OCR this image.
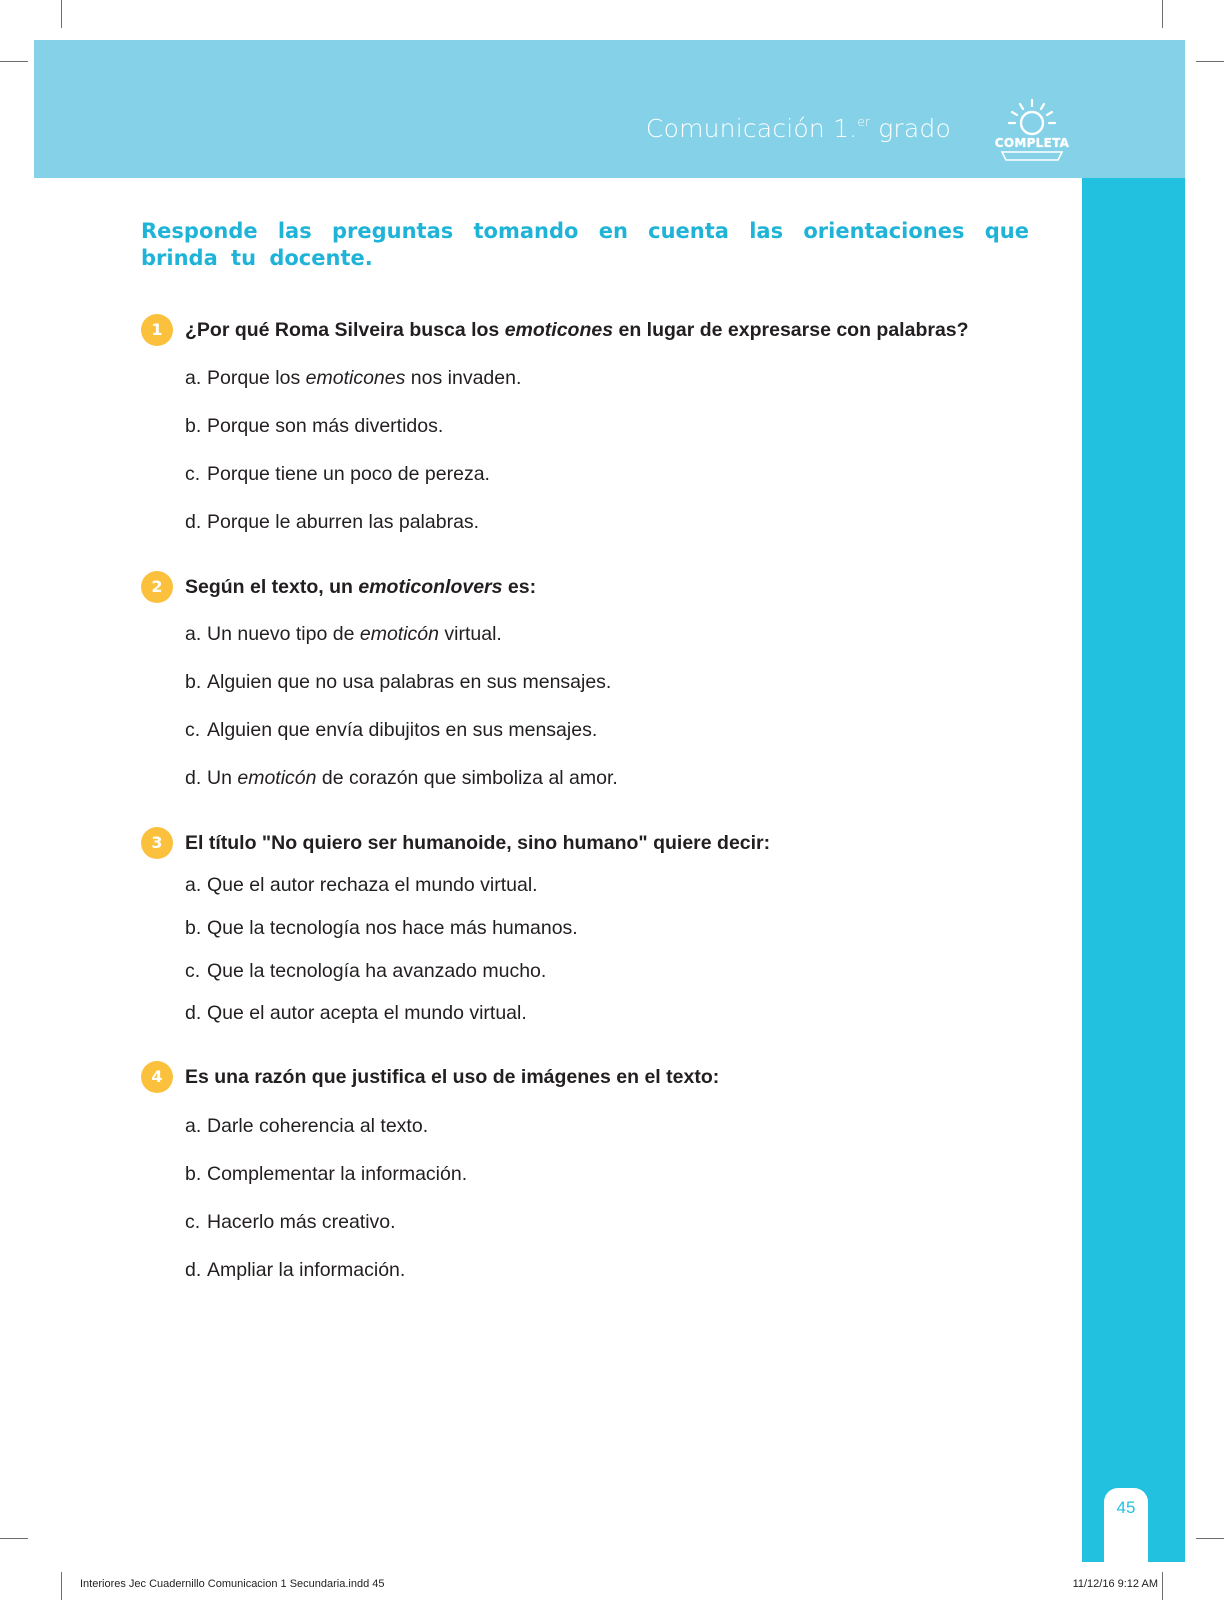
Comunicación 1.$^{er}$ grado	COMPLETA
45
Responde las preguntas tomando en cuenta las orientaciones que brinda tu docente.
1	¿Por qué Roma Silveira busca los emoticones en lugar de expresarse con palabras?
a. Porque los emoticones nos invaden.
b. Porque son más divertidos.
c. Porque tiene un poco de pereza.
d. Porque le aburren las palabras.
2	Según el texto, un emoticonlovers es:
a. Un nuevo tipo de emoticón virtual.
b. Alguien que no usa palabras en sus mensajes.
c. Alguien que envía dibujitos en sus mensajes.
d. Un emoticón de corazón que simboliza al amor.
3	El título "No quiero ser humanoide, sino humano" quiere decir:
a. Que el autor rechaza el mundo virtual.
b. Que la tecnología nos hace más humanos.
c. Que la tecnología ha avanzado mucho.
d. Que el autor acepta el mundo virtual.
4	Es una razón que justifica el uso de imágenes en el texto:
a. Darle coherencia al texto.
b. Complementar la información.
c. Hacerlo más creativo.
d. Ampliar la información.
Interiores Jec Cuadernillo Comunicacion 1 Secundaria.indd 45	11/12/16 9:12 AM
